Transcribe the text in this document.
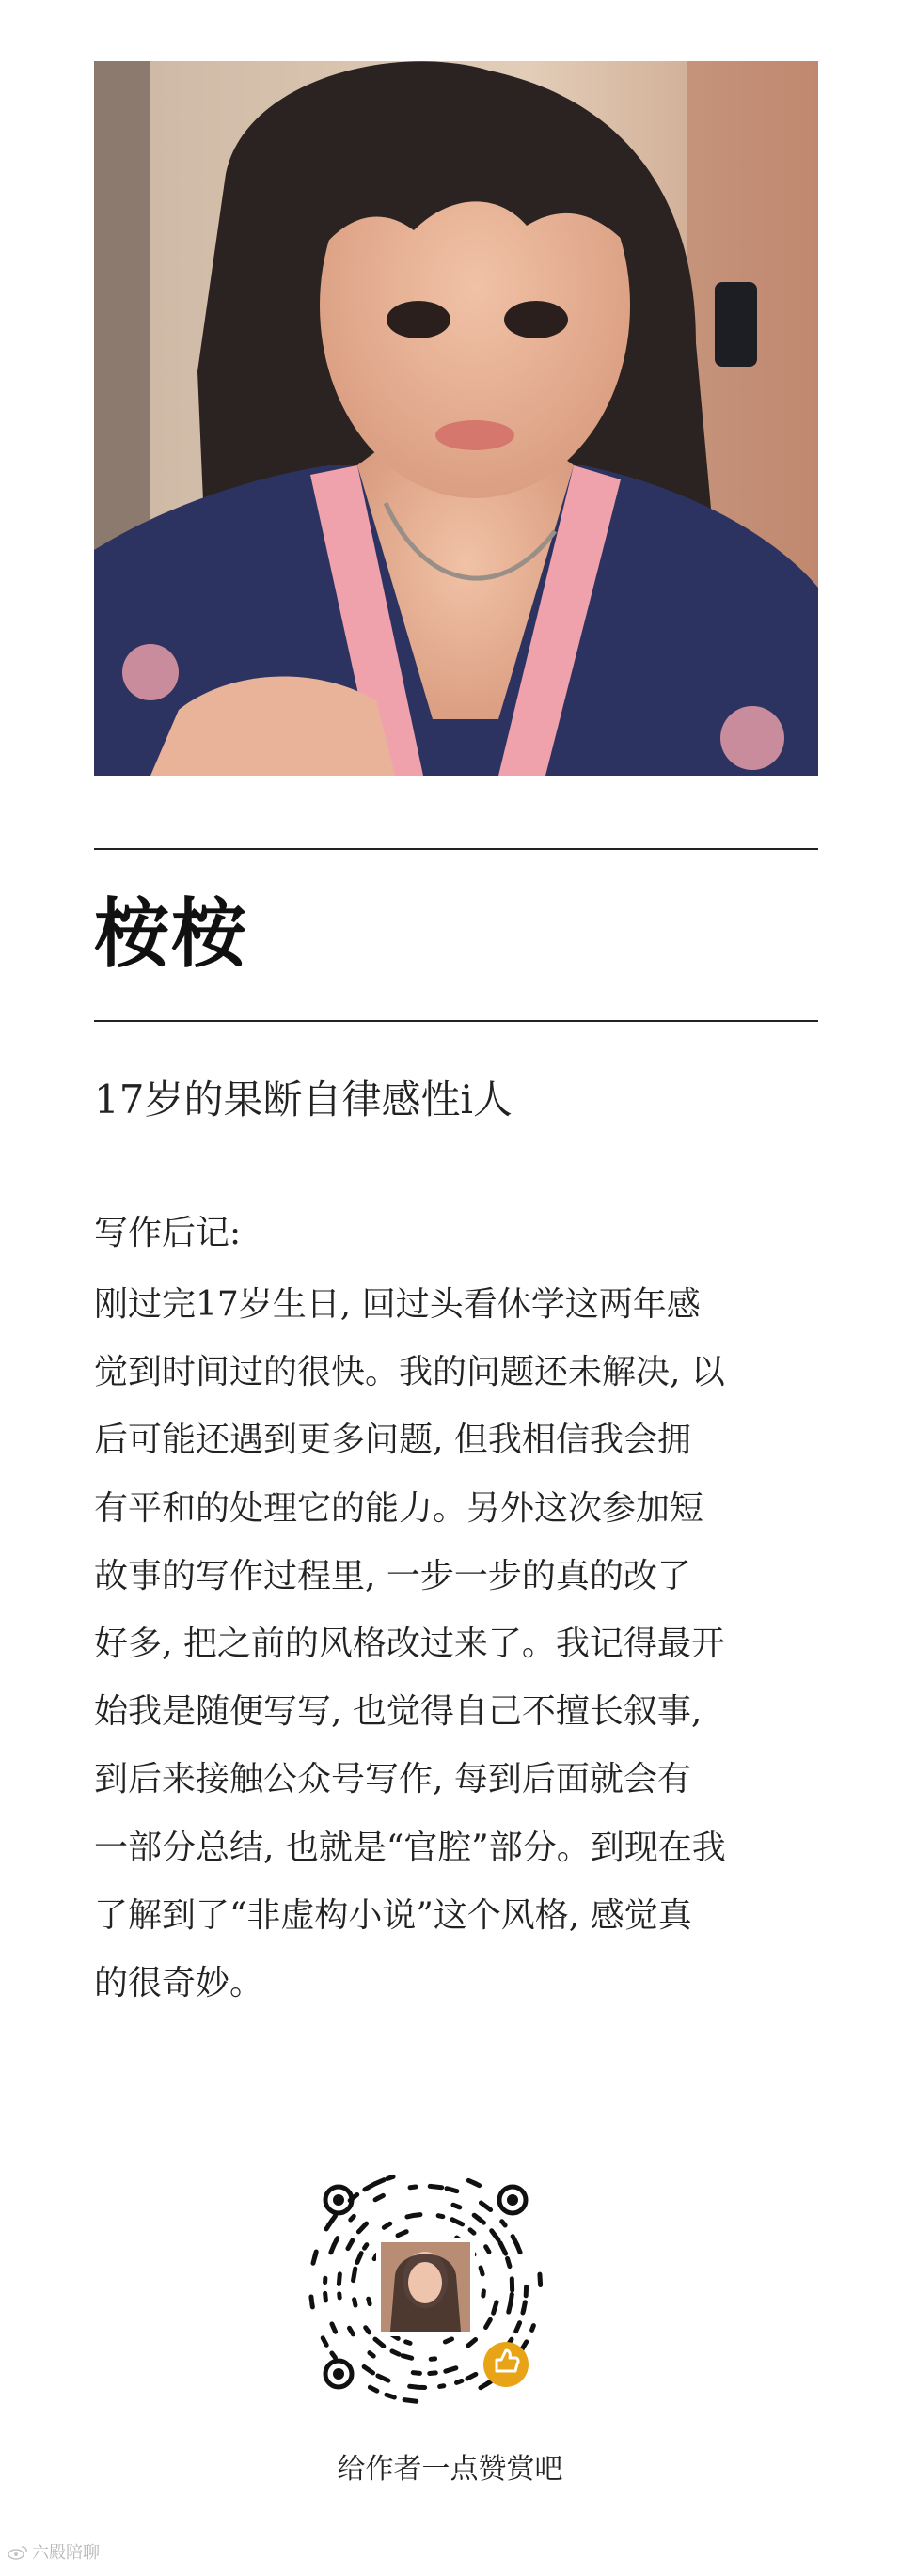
桉桉
17岁的果断自律感性i人
写作后记:
刚过完17岁生日, 回过头看休学这两年感
觉到时间过的很快。我的问题还未解决, 以
后可能还遇到更多问题, 但我相信我会拥
有平和的处理它的能力。另外这次参加短
故事的写作过程里, 一步一步的真的改了
好多, 把之前的风格改过来了。我记得最开
始我是随便写写, 也觉得自己不擅长叙事,
到后来接触公众号写作, 每到后面就会有
一部分总结, 也就是“官腔”部分。到现在我
了解到了“非虚构小说”这个风格, 感觉真
的很奇妙。
给作者一点赞赏吧
六殿陪聊
